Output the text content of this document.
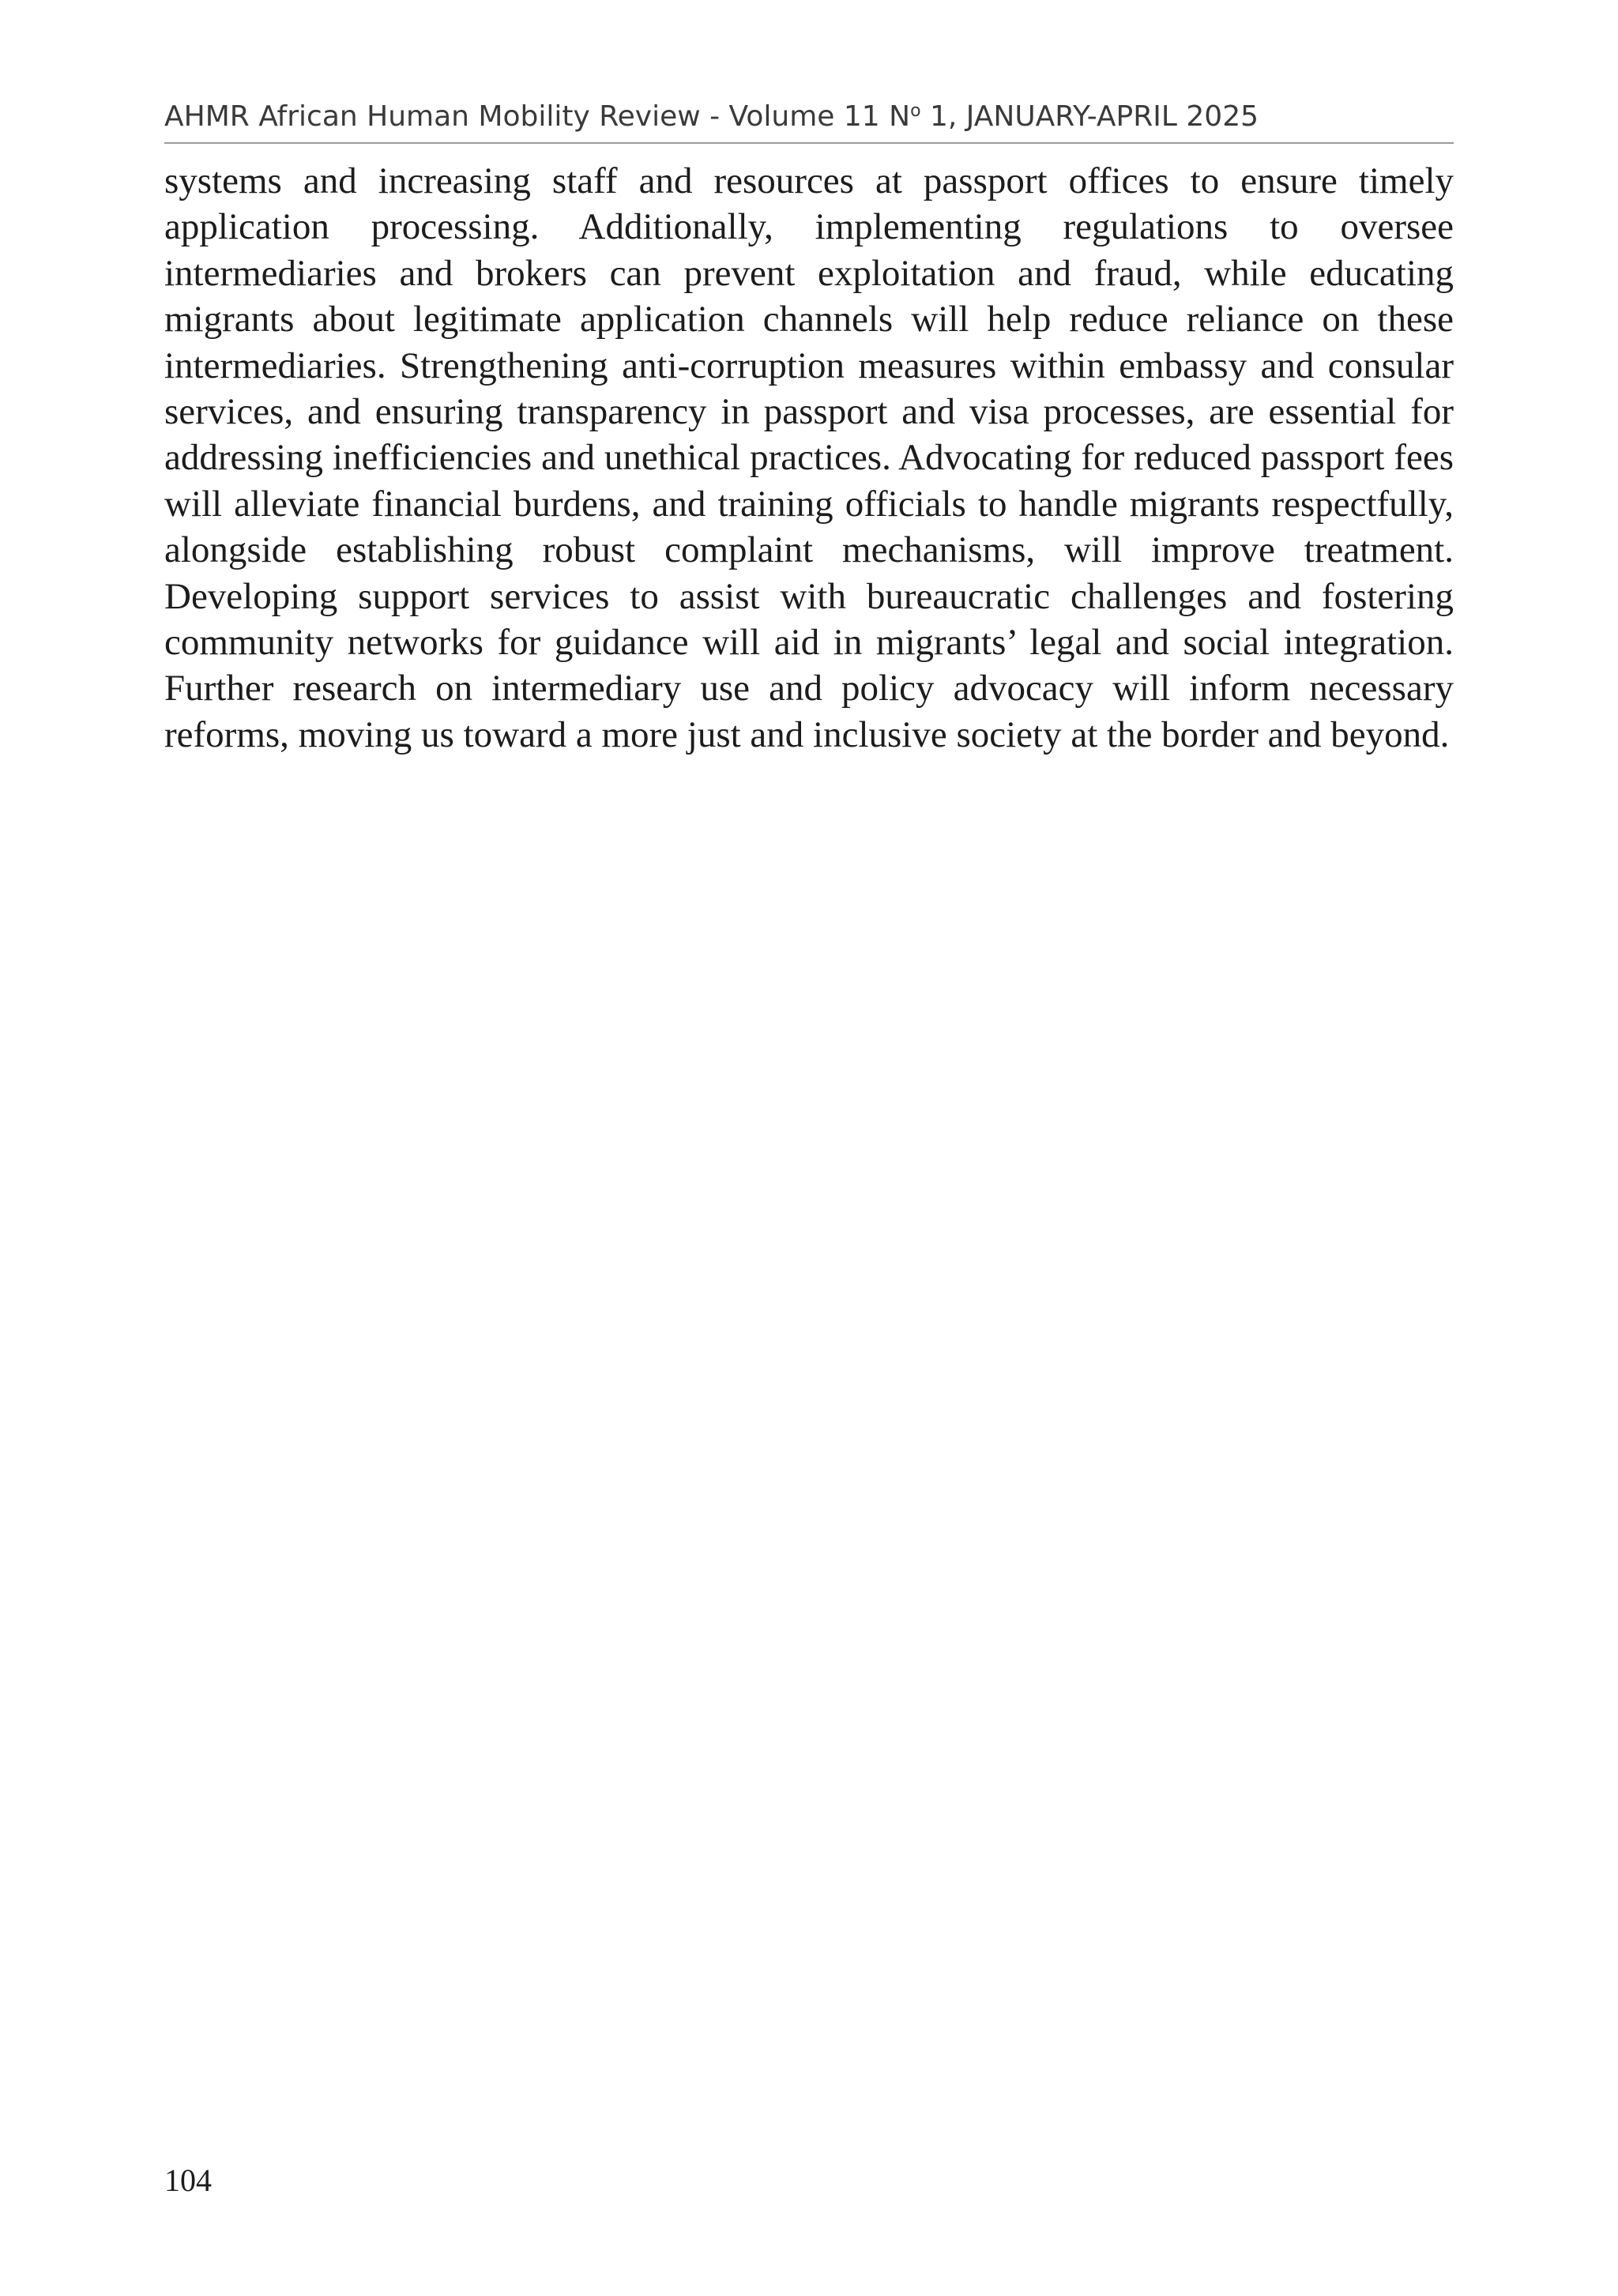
AHMR African Human Mobility Review - Volume 11 $N^o$ 1, JANUARY-APRIL 2025

systems and increasing staff and resources at passport offices to ensure timely application processing. Additionally, implementing regulations to oversee intermediaries and brokers can prevent exploitation and fraud, while educating migrants about legitimate application channels will help reduce reliance on these intermediaries. Strengthening anti-corruption measures within embassy and consular services, and ensuring transparency in passport and visa processes, are essential for addressing inefficiencies and unethical practices. Advocating for reduced passport fees will alleviate financial burdens, and training officials to handle migrants respectfully, alongside establishing robust complaint mechanisms, will improve treatment. Developing support services to assist with bureaucratic challenges and fostering community networks for guidance will aid in migrants’ legal and social integration. Further research on intermediary use and policy advocacy will inform necessary reforms, moving us toward a more just and inclusive society at the border and beyond.

104
